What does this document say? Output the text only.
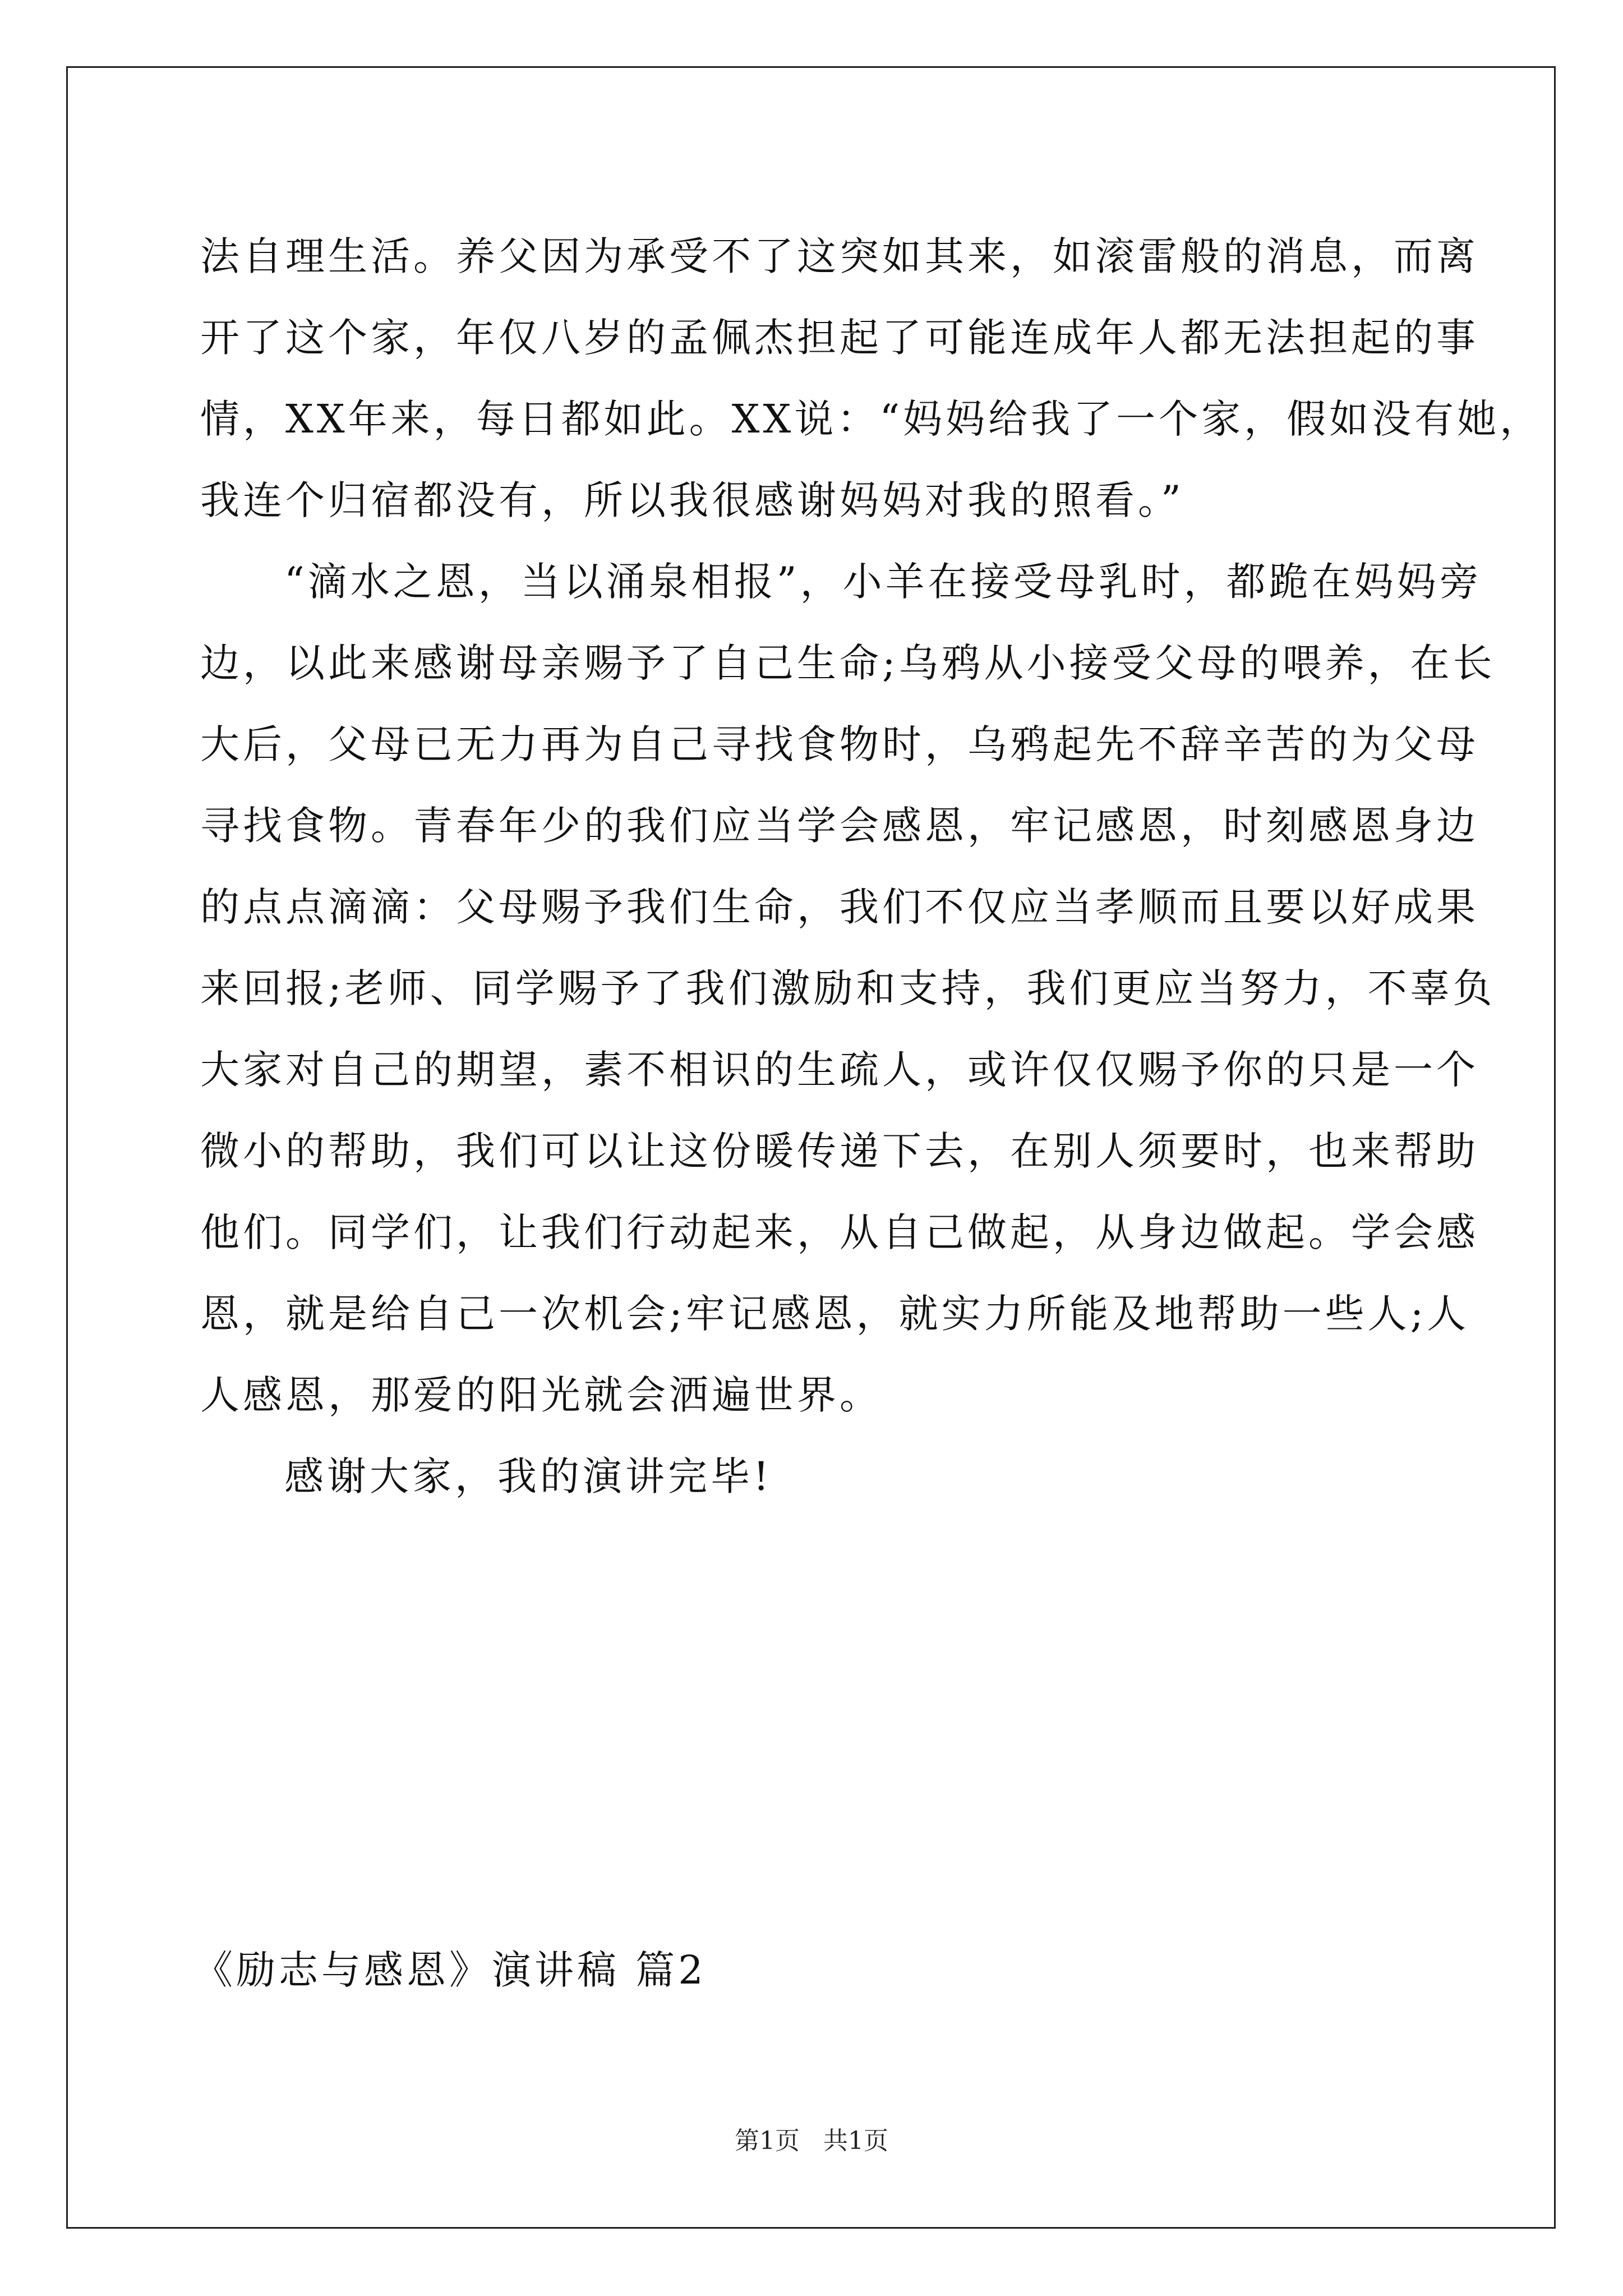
法自理生活。养父因为承受不了这突如其来，如滚雷般的消息，而离
开了这个家，年仅八岁的孟佩杰担起了可能连成年人都无法担起的事
情，XX年来，每日都如此。XX说：“妈妈给我了一个家，假如没有她，
我连个归宿都没有，所以我很感谢妈妈对我的照看。”
“滴水之恩，当以涌泉相报”，小羊在接受母乳时，都跪在妈妈旁
边，以此来感谢母亲赐予了自己生命;乌鸦从小接受父母的喂养，在长
大后，父母已无力再为自己寻找食物时，乌鸦起先不辞辛苦的为父母
寻找食物。青春年少的我们应当学会感恩，牢记感恩，时刻感恩身边
的点点滴滴：父母赐予我们生命，我们不仅应当孝顺而且要以好成果
来回报;老师、同学赐予了我们激励和支持，我们更应当努力，不辜负
大家对自己的期望，素不相识的生疏人，或许仅仅赐予你的只是一个
微小的帮助，我们可以让这份暖传递下去，在别人须要时，也来帮助
他们。同学们，让我们行动起来，从自己做起，从身边做起。学会感
恩，就是给自己一次机会;牢记感恩，就实力所能及地帮助一些人;人
人感恩，那爱的阳光就会洒遍世界。
感谢大家，我的演讲完毕!
《励志与感恩》演讲稿 篇2
第1页 共1页
